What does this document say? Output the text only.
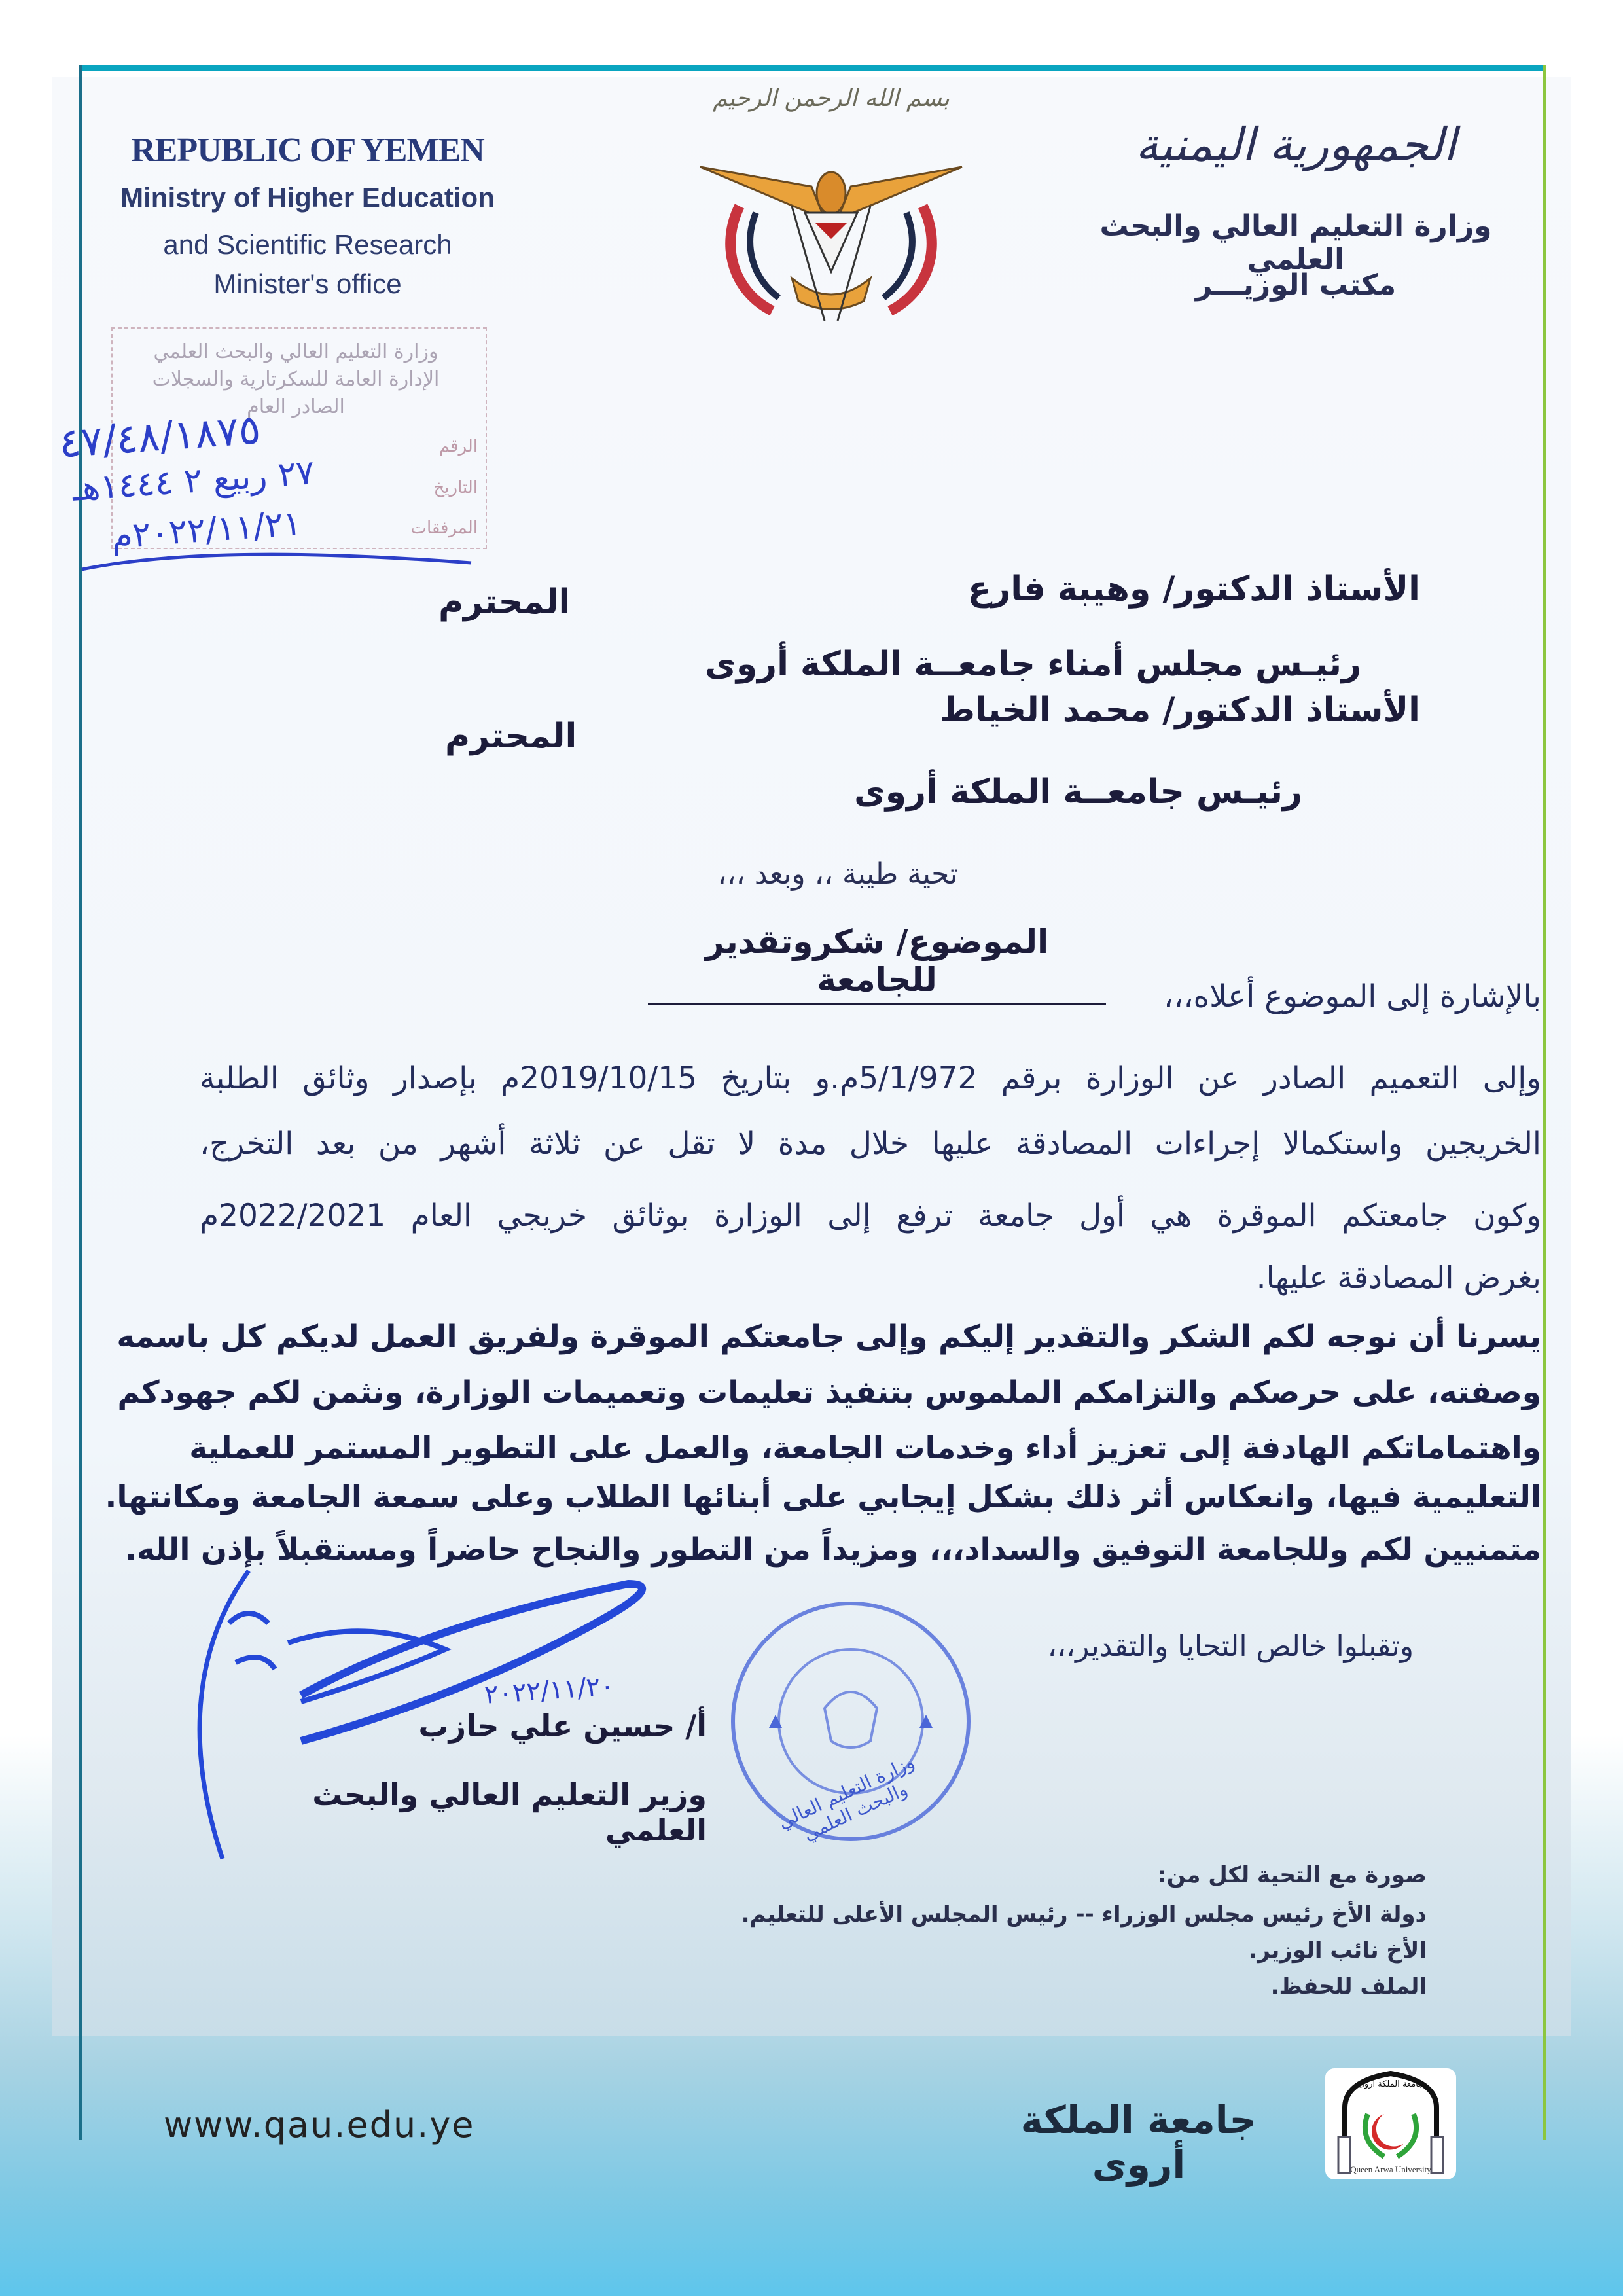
بسم الله الرحمن الرحيم
REPUBLIC OF YEMEN
Ministry of Higher Education
and Scientific Research
Minister's office
الجمهورية اليمنية
وزارة التعليم العالي والبحث العلمي
مكتب الوزيـــر
وزارة التعليم العالي والبحث العلمي
الإدارة العامة للسكرتارية والسجلات
الصادر العام
الرقم
التاريخ
المرفقات
٤٧/٤٨/١٨٧٥
٢٧ ربيع ٢ ١٤٤٤هـ
٢٠٢٢/١١/٢١م
الأستاذ الدكتور/ وهيبة فارع
المحترم
رئيـس مجلس أمناء جامعــة الملكة أروى
الأستاذ الدكتور/ محمد الخياط
المحترم
رئيـس جامعــة الملكة أروى
تحية طيبة ،، وبعد ،،،
الموضوع/ شكروتقدير للجامعة	بالإشارة إلى الموضوع أعلاه،،،
وإلى التعميم الصادر عن الوزارة برقم 5/1/972م.و بتاريخ 2019/10/15م بإصدار وثائق الطلبة
الخريجين واستكمالا إجراءات المصادقة عليها خلال مدة لا تقل عن ثلاثة أشهر من بعد التخرج،
وكون جامعتكم الموقرة هي أول جامعة ترفع إلى الوزارة بوثائق خريجي العام 2022/2021م
بغرض المصادقة عليها.
يسرنا أن نوجه لكم الشكر والتقدير إليكم وإلى جامعتكم الموقرة ولفريق العمل لديكم كل باسمه
وصفته، على حرصكم والتزامكم الملموس بتنفيذ تعليمات وتعميمات الوزارة، ونثمن لكم جهودكم
واهتماماتكم الهادفة إلى تعزيز أداء وخدمات الجامعة، والعمل على التطوير المستمر للعملية
التعليمية فيها، وانعكاس أثر ذلك بشكل إيجابي على أبنائها الطلاب وعلى سمعة الجامعة ومكانتها.
متمنيين لكم وللجامعة التوفيق والسداد،،، ومزيداً من التطور والنجاح حاضراً ومستقبلاً بإذن الله.
وتقبلوا خالص التحايا والتقدير،،،
وزارة التعليم العالي والبحث العلمي
٢٠٢٢/١١/٢٠
أ/ حسين علي حازب
وزير التعليم العالي والبحث العلمي
صورة مع التحية لكل من:
دولة الأخ رئيس مجلس الوزراء -- رئيس المجلس الأعلى للتعليم.
الأخ نائب الوزير.
الملف للحفظ.
www.qau.edu.ye	جامعة الملكة أروى
جامعة الملكة أروى
Queen Arwa University
